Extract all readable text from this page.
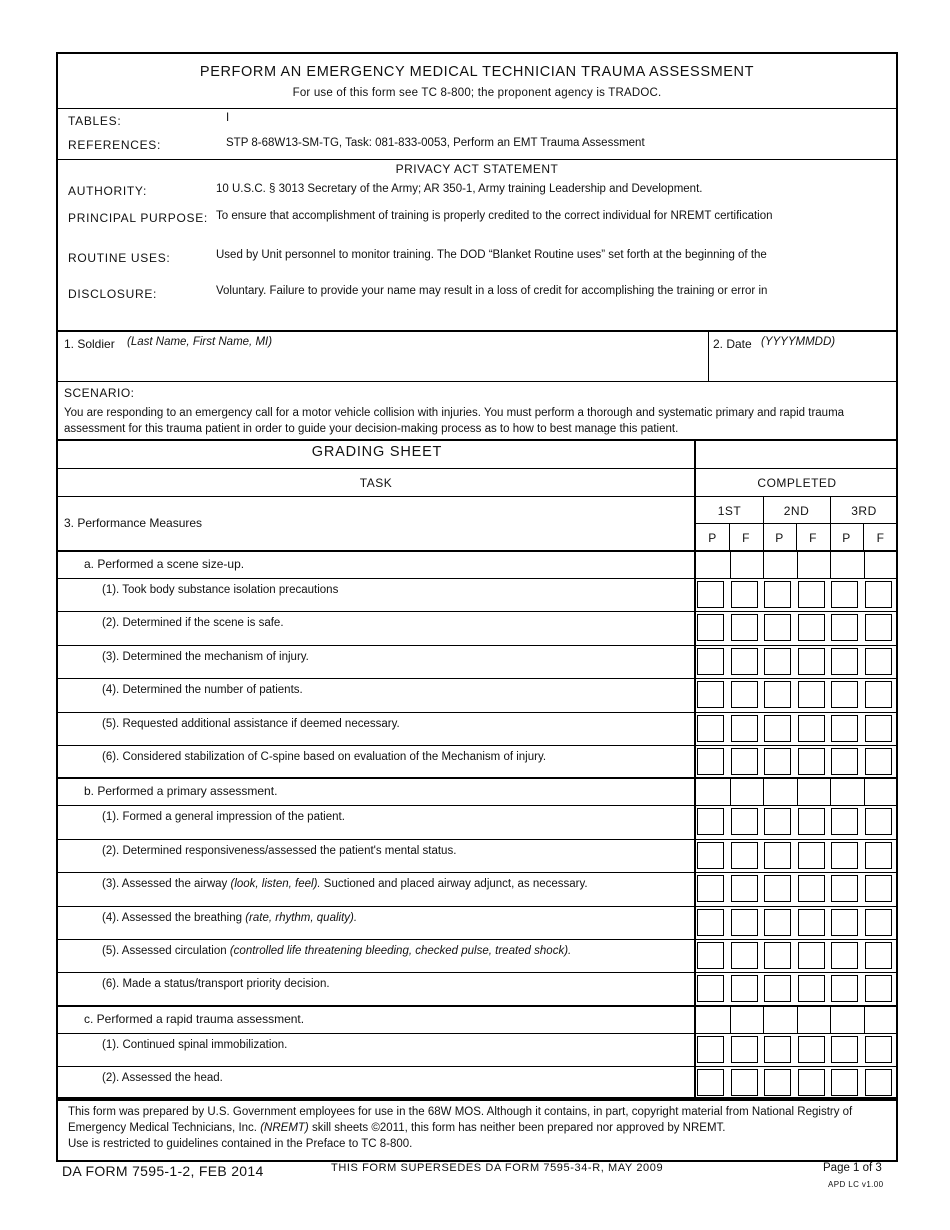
PERFORM AN EMERGENCY MEDICAL TECHNICIAN TRAUMA ASSESSMENT
For use of this form see TC 8-800; the proponent agency is TRADOC.
TABLES:	I
REFERENCES:	STP 8-68W13-SM-TG, Task: 081-833-0053, Perform an EMT Trauma Assessment
PRIVACY ACT STATEMENT
AUTHORITY:	10 U.S.C. § 3013 Secretary of the Army; AR 350-1, Army training Leadership and Development.
PRINCIPAL PURPOSE: To ensure that accomplishment of training is properly credited to the correct individual for NREMT certification
ROUTINE USES:	Used by Unit personnel to monitor training. The DOD “Blanket Routine uses” set forth at the beginning of the
DISCLOSURE:	Voluntary. Failure to provide your name may result in a loss of credit for accomplishing the training or error in
1. Soldier (Last Name, First Name, MI)	2. Date (YYYYMMDD)
SCENARIO:
You are responding to an emergency call for a motor vehicle collision with injuries. You must perform a thorough and systematic primary and rapid trauma assessment for this trauma patient in order to guide your decision-making process as to how to best manage this patient.
GRADING SHEET
TASK	COMPLETED
3. Performance Measures
1ST	2ND	3RD
P	F	P	F	P	F
a. Performed a scene size-up.
(1). Took body substance isolation precautions
(2). Determined if the scene is safe.
(3). Determined the mechanism of injury.
(4). Determined the number of patients.
(5). Requested additional assistance if deemed necessary.
(6). Considered stabilization of C-spine based on evaluation of the Mechanism of injury.
b. Performed a primary assessment.
(1). Formed a general impression of the patient.
(2). Determined responsiveness/assessed the patient's mental status.
(3). Assessed the airway (look, listen, feel). Suctioned and placed airway adjunct, as necessary.
(4). Assessed the breathing (rate, rhythm, quality).
(5). Assessed circulation (controlled life threatening bleeding, checked pulse, treated shock).
(6). Made a status/transport priority decision.
c. Performed a rapid trauma assessment.
(1). Continued spinal immobilization.
(2). Assessed the head.
This form was prepared by U.S. Government employees for use in the 68W MOS. Although it contains, in part, copyright material from National Registry of Emergency Medical Technicians, Inc. (NREMT) skill sheets ©2011, this form has neither been prepared nor approved by NREMT.
Use is restricted to guidelines contained in the Preface to TC 8-800.
DA FORM 7595-1-2, FEB 2014	THIS FORM SUPERSEDES DA FORM 7595-34-R, MAY 2009	Page 1 of 3
APD LC v1.00
